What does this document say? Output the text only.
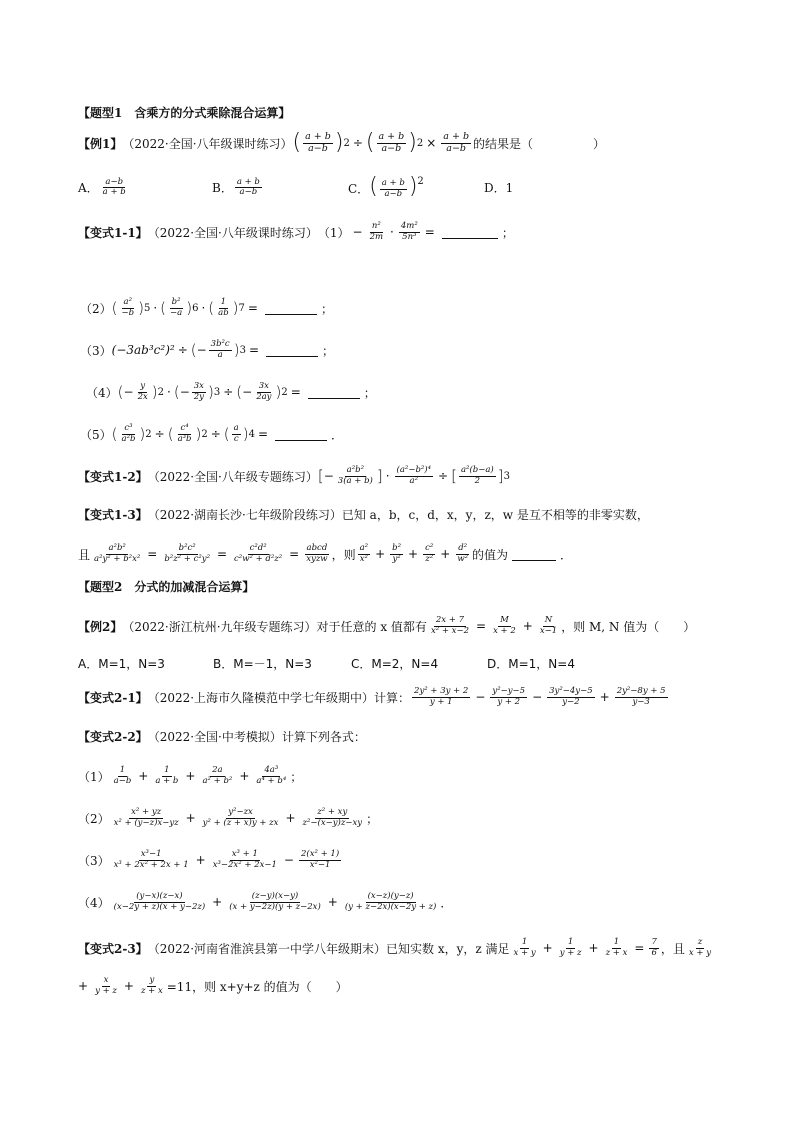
【题型1　含乘方的分式乘除混合运算】
【例1】 （2022·全国·八年级课时练习） ( $\frac{a + b}{a-b}$ ) 2 ÷ ( $\frac{a + b}{a-b}$ ) $2 \times \frac{a + b}{a-b}$ 的结果是（　　　　　）
A． $\frac{a-b}{a + b}$	B． $\frac{a + b}{a-b}$	C．( $\frac{a + b}{a-b} )^2$	D．1
【变式1-1】 （2022·全国·八年级课时练习） $(1) - \frac{\text{n²}}{2m} \cdot \frac{\text{4m²}}{\text{5n³}}$ =	；
（2） ( $\frac{\text{a²}}{-b}$ ) 5 · ( $\frac{\text{b²}}{-a}$ ) 6 · ( $\frac{1}{ab}$ ) 7 =	；
（3） (−3ab³c²)² ÷ ( − $\frac{\text{3b²c}}{a}$ ) 3 =	；
（4） ( − $\frac{y}{2x}$ ) 2 · ( − $\frac{3x}{2y}$ ) 3 ÷ ( − $\frac{3x}{2ay}$ ) 2 =	；
（5） ( $\frac{\text{c³}}{\text{a²b}}$ ) 2 ÷ ( $\frac{\text{c⁴}}{\text{a³b}}$ ) 2 ÷ ( $\frac{a}{c}$ ) 4 =	．
【变式1-2】 （2022·全国·八年级专题练习） [ − $\frac{\text{a²b²}}{3(a + b)}$ ] · $\frac{\text{(a²−b²)⁴}}{\text{a²}}$ ÷ [ $\frac{\text{a²(b−a)}}{2}$ ] 3
【变式1-3】 （2022·湖南长沙·七年级阶段练习）已知 a，b，c，d，x，y，z，w 是互不相等的非零实数，
且 $\frac{\text{a²b²}}{\text{a²y² + b²x²}} = \frac{\text{b²c²}}{\text{b²z² + c²y²}} = \frac{\text{c²d²}}{\text{c²w² + d²z²}} = \frac{\text{abcd}}{\text{xyzw}}$ ，则 $\frac{\text{a²}}{\text{x²}} + \frac{\text{b²}}{\text{y²}} + \frac{\text{c²}}{\text{z²}} + \frac{\text{d²}}{\text{w²}}$ 的值为	．
【题型2　分式的加减混合运算】
【例2】 （2022·浙江杭州·九年级专题练习）对于任意的 x 值都有 $\frac{2x + 7}{\text{x² + x−2}} = \frac{M}{x + 2} + \frac{N}{x-1}$ ，则 M, N 值为（　　）
A．M=1，N=3	B．M=－1，N=3	C．M=2，N=4	D．M=1，N=4
【变式2-1】 （2022·上海市久隆模范中学七年级期中）计算： $\frac{\text{2y² + 3y + 2}}{y + 1} - \frac{\text{y²−y−5}}{y + 2} - \frac{\text{3y²−4y−5}}{y-2} + \frac{\text{2y²−8y + 5}}{y-3}$
【变式2-2】 （2022·全国·中考模拟）计算下列各式：
$(1) \frac{1}{a-b} + \frac{1}{a + b} + \frac{2a}{\text{a² + b²}} + \frac{\text{4a³}}{\text{a⁴ + b⁴}}$ ；
$(2) \frac{\text{x² + yz}}{\text{x² + (y−z)x−yz}} + \frac{\text{y²−zx}}{\text{y² + (z + x)y + zx}} + \frac{\text{z² + xy}}{\text{z²−(x−y)z−xy}}$ ；
$(3) \frac{\text{x³−1}}{\text{x³ + 2x² + 2x + 1}} + \frac{\text{x³ + 1}}{\text{x³−2x² + 2x−1}} - \frac{\text{2(x² + 1)}}{\text{x²−1}}$
$(4) \frac{(y-x)(z-x)}{(x-2y + z)(x + y-2z)} + \frac{(z-y)(x-y)}{(x + y-2z)(y + z-2x)} + \frac{(x-z)(y-z)}{(y + z-2x)(x-2y + z)}$ ．
【变式2-3】 （2022·河南省淮滨县第一中学八年级期末）已知实数 x，y，z 满足 $\frac{1}{x + y} + \frac{1}{y + z} + \frac{1}{z + x} = \frac{7}{6}$ ，且 $\frac{z}{x + y}$
+ $\frac{x}{y + z} + \frac{y}{z + x} =11$，则 x+y+z 的值为（　　）
